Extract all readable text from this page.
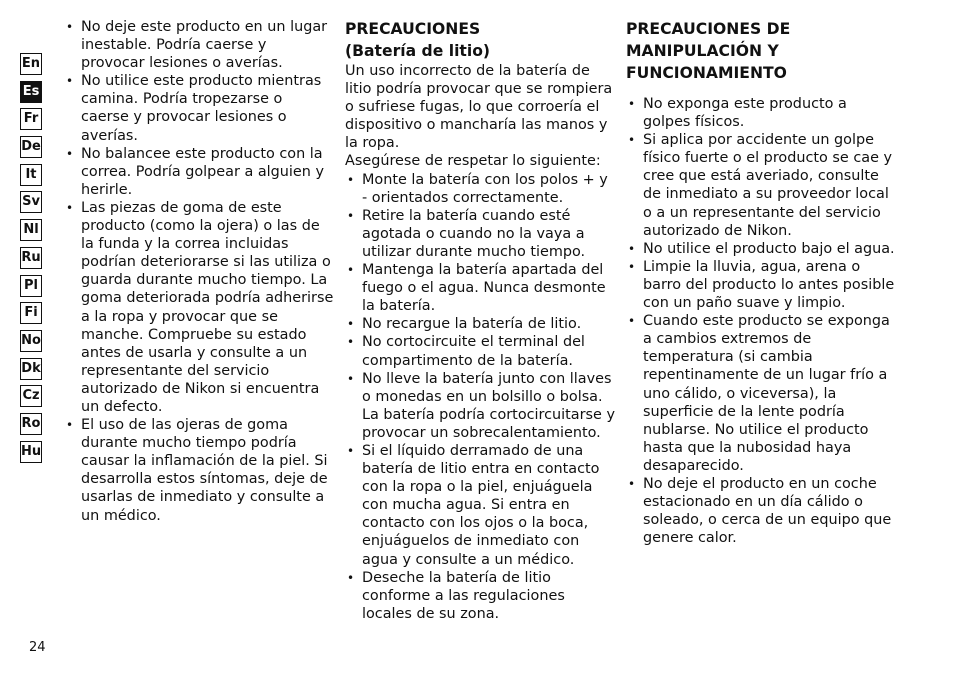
En
Es
Fr
De
It
Sv
Nl
Ru
Pl
Fi
No
Dk
Cz
Ro
Hu
• No deje este producto en un lugar inestable. Podría caerse y provocar lesiones o averías.
• No utilice este producto mientras camina. Podría tropezarse o caerse y provocar lesiones o averías.
• No balancee este producto con la correa. Podría golpear a alguien y herirle.
• Las piezas de goma de este producto (como la ojera) o las de la funda y la correa incluidas podrían deteriorarse si las utiliza o guarda durante mucho tiempo. La goma deteriorada podría adherirse a la ropa y provocar que se manche. Compruebe su estado antes de usarla y consulte a un representante del servicio autorizado de Nikon si encuentra un defecto.
• El uso de las ojeras de goma durante mucho tiempo podría causar la inflamación de la piel. Si desarrolla estos síntomas, deje de usarlas de inmediato y consulte a un médico.
PRECAUCIONES
(Batería de litio)

Un uso incorrecto de la batería de litio podría provocar que se rompiera o sufriese fugas, lo que corroería el dispositivo o mancharía las manos y la ropa.

Asegúrese de respetar lo siguiente:

• Monte la batería con los polos + y - orientados correctamente.
• Retire la batería cuando esté agotada o cuando no la vaya a utilizar durante mucho tiempo.
• Mantenga la batería apartada del fuego o el agua. Nunca desmonte la batería.
• No recargue la batería de litio.
• No cortocircuite el terminal del compartimento de la batería.
• No lleve la batería junto con llaves o monedas en un bolsillo o bolsa. La batería podría cortocircuitarse y provocar un sobrecalentamiento.
• Si el líquido derramado de una batería de litio entra en contacto con la ropa o la piel, enjuáguela con mucha agua. Si entra en contacto con los ojos o la boca, enjuáguelos de inmediato con agua y consulte a un médico.
• Deseche la batería de litio conforme a las regulaciones locales de su zona.
PRECAUCIONES DE
MANIPULACIÓN Y
FUNCIONAMIENTO
• No exponga este producto a golpes físicos.
• Si aplica por accidente un golpe físico fuerte o el producto se cae y cree que está averiado, consulte de inmediato a su proveedor local o a un representante del servicio autorizado de Nikon.
• No utilice el producto bajo el agua.
• Limpie la lluvia, agua, arena o barro del producto lo antes posible con un paño suave y limpio.
• Cuando este producto se exponga a cambios extremos de temperatura (si cambia repentinamente de un lugar frío a uno cálido, o viceversa), la superficie de la lente podría nublarse. No utilice el producto hasta que la nubosidad haya desaparecido.
• No deje el producto en un coche estacionado en un día cálido o soleado, o cerca de un equipo que genere calor.
24
